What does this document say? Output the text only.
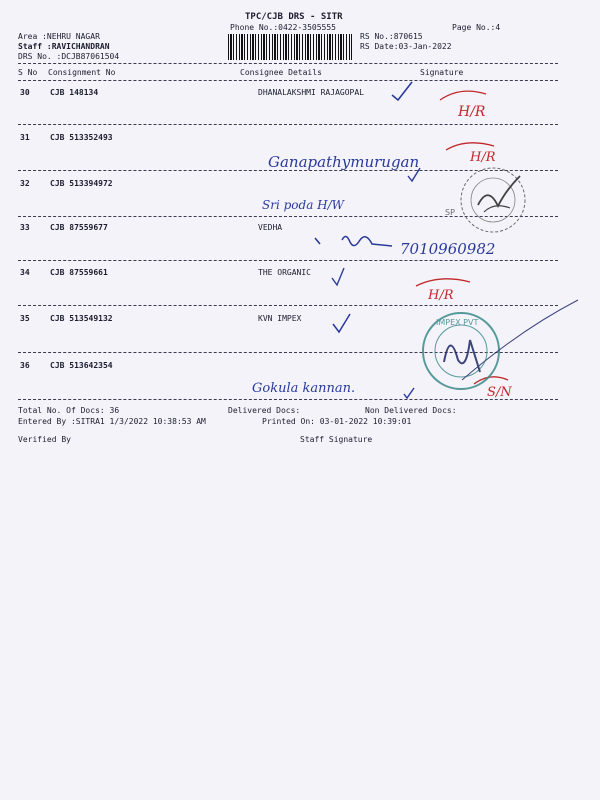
TPC/CJB DRS - SITR
Phone No.:0422-3505555	Page No.:4
Area :NEHRU NAGAR
Staff :RAVICHANDRAN
DRS No. :DCJB87061504
RS No.:870615
RS Date:03-Jan-2022
S No Consignment No	Consignee Details	Signature
30	CJB 148134	DHANALAKSHMI RAJAGOPAL
31	CJB 513352493
32	CJB 513394972
33	CJB 87559677	VEDHA
34	CJB 87559661	THE ORGANIC
35	CJB 513549132	KVN IMPEX
36	CJB 513642354
Total No. Of Docs: 36	Delivered Docs:	Non Delivered Docs:
Entered By :SITRA1 1/3/2022 10:38:53 AM	Printed On: 03-01-2022 10:39:01
Verified By	Staff Signature
Ganapathymurugan
Sri poda H/W
7010960982
Gokula kannan.
H/R
H/R
H/R
S/N
SP
IMPEX PVT
